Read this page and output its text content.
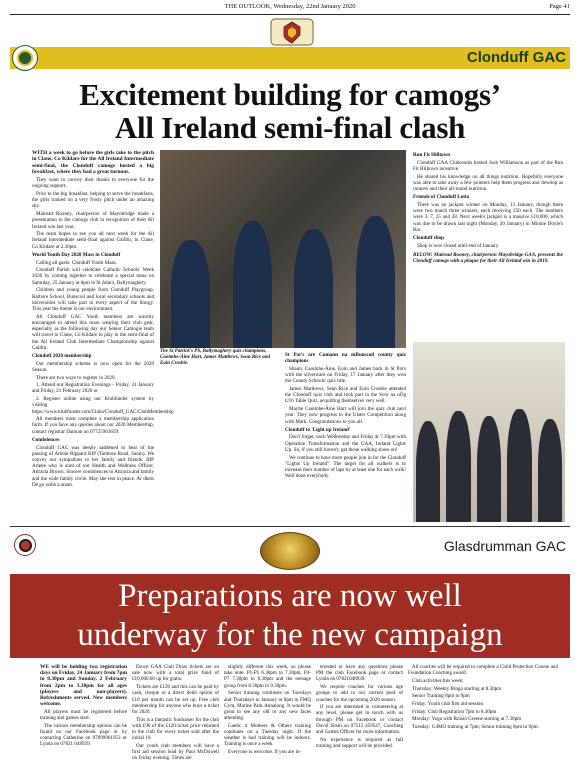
THE OUTLOOK, Wednesday, 22nd January 2020	Page 41
Clonduff GAC
Excitement building for camogs’
All Ireland semi-final clash

WITH a week to go before the girls take to the pitch in Clane, Co Kildare for the All Ireland Intermediate semi-final, the Clonduff camogs hosted a big breakfast, where they had a great turnout.

They want to convey their thanks to everyone for the ongoing support.

Prior to the big breakfast, helping to serve the breakfasts, the girls trained on a very frosty pitch under an amazing sky.

Mairead Rooney, chairperson of Mayobridge made a presentation to the camogs club in recognition of their All Ireland win last year.

The team hopes to see you all next week for the All Ireland Intermediate semi-final against Gailltir, in Clane, Co Kildare at 2.30pm.

World Youth Day 2020 Mass in Clonduff

Calling all gaels: Clonduff Youth Mass.

Clonduff Parish will celebrate Catholic Schools' Week 2020 by coming together to celebrate a special mass on Saturday, 25 January at 6pm in St John's, Ballymaghery.

Children and young people from Clonduff Playgroup, Rathore School, Bunscoil and local secondary schools and universities will take part in every aspect of the liturgy. This year the theme is our environment.

All Clonduff GAC Youth members are warmly encouraged to attend this mass wearing their club gear, especially as the following day our Senior Camogie team will travel to Clane, Co Kildare to play in the semi-final of the All Ireland Club Intermediate Championship against Gailltir.

Clonduff 2020 membership

Our membership scheme is now open for the 2020 Season.

There are two ways to register in 2020.

1. Attend our Registration Evenings - Friday, 31 January and Friday, 21 February 2020 or

2. Register online using our Klubfunder system by visiting https://www.klubfunder.com/Clubs/Clonduff_GAC/ClubMembership

All members must complete a membership application form. If you have any queries about our 2020 Membership, contact registrar Damian on 07725903659.

Condolences

Clonduff GAC was deeply saddened to hear of the passing of Arlene Rippard RIP (Tamtore Road, Sarah). We convey our sympathies to her family and friends. RIP Arlene who is aunt of our Health and Wellness Officer, Attracta Brown. Sincere condolences to Attracta and family and the wide family circle. May she rest in peace. Ar dheis Dé go raibh a anam.

The St Patrick's PS, Ballymaghery quiz champions, Caoimhe-Áine Hart, James Matthews, Sean Rice and Eoin Crosbie.

St Pat's are Cumann na mBunscoil county quiz champions

Shaun, Caoimhe-Áine, Eoin and James back in St Pat's with the silverware on Friday, 17 January after they won the County Schools' quiz title.

James Matthews, Sean Rice and Eoin Crosbie attended the Clonduff quiz club and took part in the Scór na nÓg U16 Table Quiz, acquitting themselves very well.

Maybe Caoimhe-Áine Hart will join the quiz club next year. They now progress to the Ulster Competition along with Mark. Congratulations to you all.

Clonduff to 'Light up Ireland'

Don't forget, each Wednesday and Friday at 7.30pm with Operation Transformation and the GAA, Ireland Lights Up. So, if you still haven't, get those walking shoes on!

We continue to have more people join in for the Clonduff "Lights Up Ireland". The target for all walkers is to increase their number of laps by at least one for each walk! Well done everybody.

Run Fit Hilltown

Clonduff GAA Clubrooms hosted Josh Williamson as part of the Run Fit Hilltown incentive.

He shared his knowledge on all things nutrition. Hopefully everyone was able to take away a few pointers help them progress and develop as runners and their all-round nutrition.

Friends of Clonduff Lotto

There was no jackpot winner on Monday, 13 January, though there were two match three winners, each receiving £50 each. The numbers were 3, 7, 25 and 28. Next week's jackpot is a massive £10,000, which was due to be drawn last night (Monday, 20 January) in Minnie Doyle's Bar.

Clonduff shop

Shop is now closed until end of January.

BELOW: Mairead Rooney, chairperson Mayobridge GAA, presents the Clonduff camogs with a plaque for their All Ireland win in 2019.

Glasdrumman GAC
Preparations are now well
underway for the new campaign

WE will be holding two registration days on Friday, 24 January from 7pm to 8.30pm and Sunday, 2 February from 2pm to 3.30pm for all ages (players and non-players). Refreshments served. New members welcome.

All players must be registered before training and games start.

The various membership options can be found on our Facebook page or by contacting Catherine on 07899961953 or Lynda on 07821 048939.

Down GAA Club Draw tickets are on sale now with a total prize fund of £10,000.00 up for grabs.

Tickets are £120 and this can be paid by cash, cheque or a direct debit option of £10 per month can be set up. Free club membership for anyone who buys a ticket for 2020.

This is a fantastic fundraiser for the club with £96 of the £120 ticket price returned to the club for every ticket sold after the initial 10.

Our youth club members will have a first aid session lead by Paul McDowell on Friday evening. Times are

slightly different this week, so please take note. P1-P5 6.30pm to 7.30pm, P4-P7 7.30pm to 8.30pm and the teenage group from 8.30pm to 9.30pm.

Senior training continues on Tuesdays and Thursdays in January at 8pm in FMQ Gym, Marine Park Annalong. It would be great to see any old or any new faces attending.

Gaelic 4 Mothers & Others training continues on a Tuesday night. If the weather is bad training will be indoors. Training is once a week.

Everyone is welcome. If you are in-

terested or have any questions please PM the club Facebook page or contact Lynda on 07821048939.

We require coaches for various age groups to add to our current pool of coaches for the upcoming 2020 season.

If you are interested in volunteering at any level, please get in touch with us through PM on Facebook or contact David Sloan on 07515 459547, Coaching and Games Officer for more information.

No experience is required as full training and support will be provided.

All coaches will be required to complete a Child Protection Course and Foundation Coaching award.

Club activities this week:

Thursday: Weekly Bingo starting at 8.30pm

Senior Training 8pm to 9pm

Friday: Youth club first aid session

Friday: Club Registration 7pm to 8.30pm

Monday: Yoga with Roisin Greene starting at 7.30pm

Tuesday: G4MO training at 7pm; Senior training 8pm to 9pm.
